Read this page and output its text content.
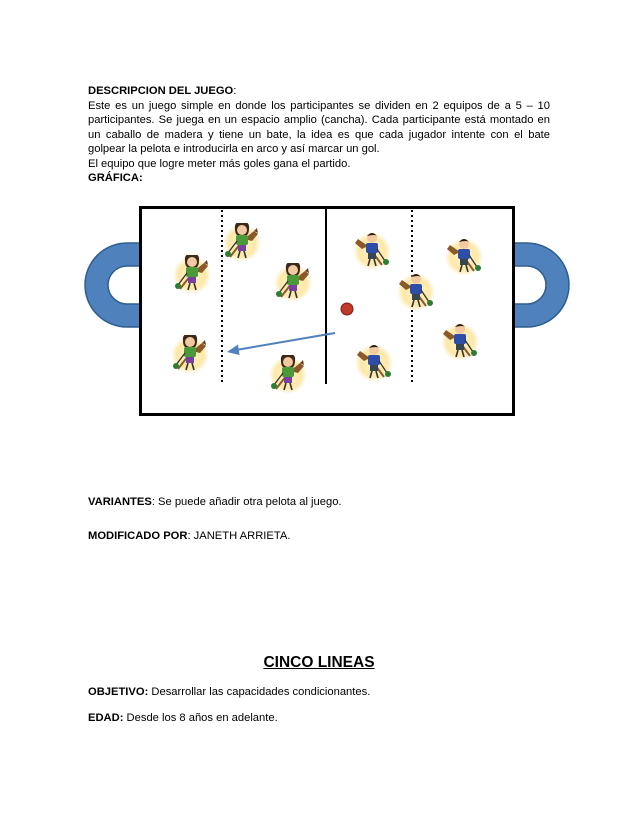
DESCRIPCION DEL JUEGO:

Este es un juego simple en donde los participantes se dividen en 2 equipos de a 5 – 10 participantes. Se juega en un espacio amplio (cancha). Cada participante está montado en un caballo de madera y tiene un bate, la idea es que cada jugador intente con el bate golpear la pelota e introducirla en arco y así marcar un gol.

El equipo que logre meter más goles gana el partido.

GRÁFICA:

VARIANTES: Se puede añadir otra pelota al juego.

MODIFICADO POR: JANETH ARRIETA.

CINCO LINEAS

OBJETIVO: Desarrollar las capacidades condicionantes.

EDAD: Desde los 8 años en adelante.
